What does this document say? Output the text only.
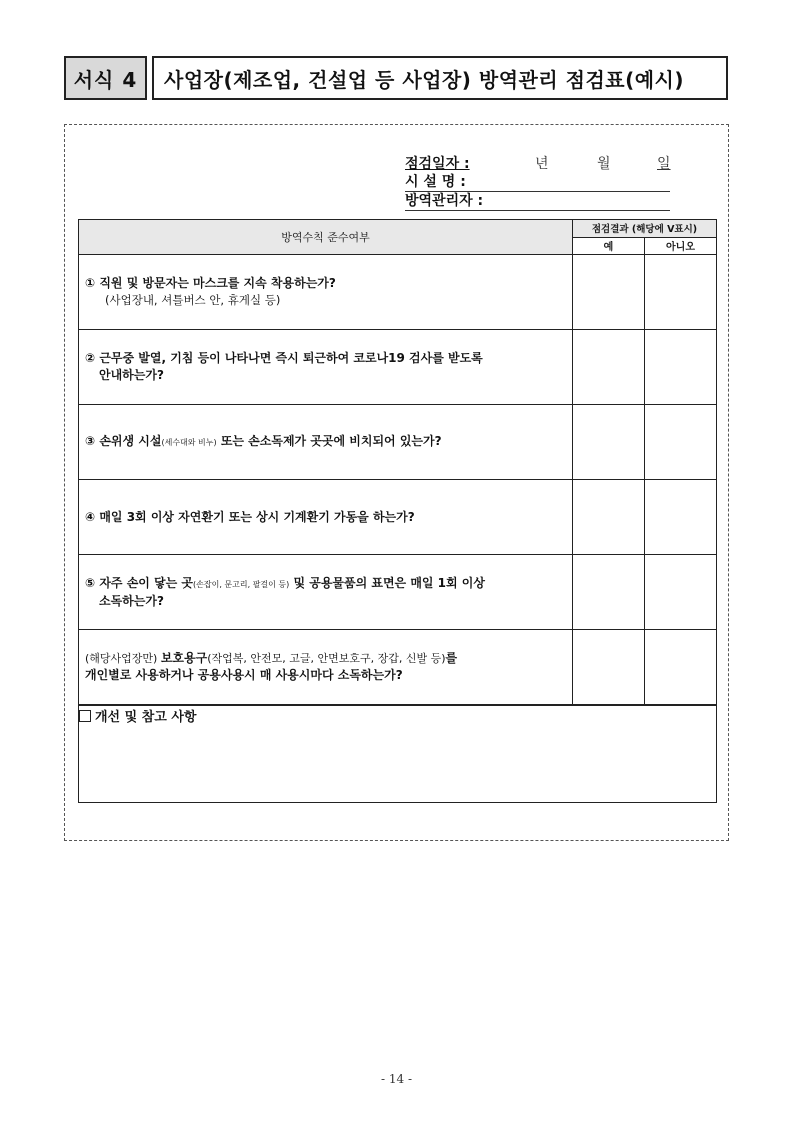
서식 4	사업장(제조업, 건설업 등 사업장) 방역관리 점검표(예시)
점검일자 :	년	월	일
시 설 명 :
방역관리자 :
방역수칙 준수여부	점검결과 (해당에 V표시)	
	예	아니오
① 직원 및 방문자는 마스크를 지속 착용하는가?
(사업장내, 셔틀버스 안, 휴게실 등)		

② 근무중 발열, 기침 등이 나타나면 즉시 퇴근하여 코로나19 검사를 받도록
안내하는가?		
③ 손위생 시설(세수대와 비누) 또는 손소독제가 곳곳에 비치되어 있는가?		
④ 매일 3회 이상 자연환기 또는 상시 기계환기 가동을 하는가?		
⑤ 자주 손이 닿는 곳(손잡이, 문고리, 팔걸이 등) 및 공용물품의 표면은 매일 1회 이상
소독하는가?		
(해당사업장만) 보호용구(작업복, 안전모, 고글, 안면보호구, 장갑, 신발 등)를
개인별로 사용하거나 공용사용시 매 사용시마다 소독하는가?		
개선 및 참고 사항		
- 14 -
